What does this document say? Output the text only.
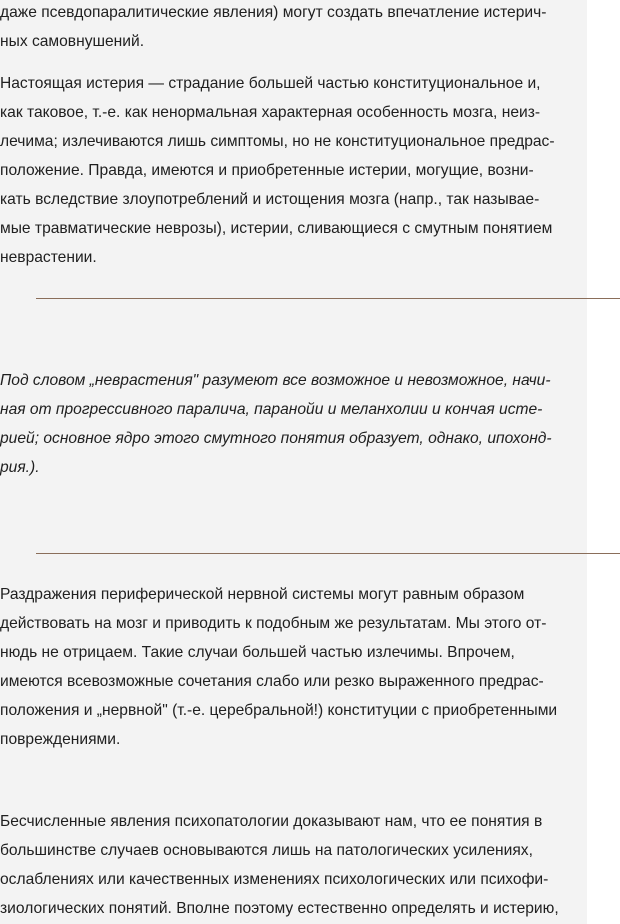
даже псевдопаралитические явления) могут создать впечатление истерич-
ных самовнушений.
Настоящая истерия — страдание большей частью конституциональное и,
как таковое, т.-е. как ненормальная характерная особенность мозга, неиз-
лечима; излечиваются лишь симптомы, но не конституциональное предрас-
положение. Правда, имеются и приобретенные истерии, могущие, возни-
кать вследствие злоупотреблений и истощения мозга (напр., так называе-
мые травматические неврозы), истерии, сливающиеся с смутным понятием
неврастении.
Под словом „неврастения" разумеют все возможное и невозможное, начи-
ная от прогрессивного паралича, паранойи и меланхолии и кончая исте-
рией; основное ядро этого смутного понятия образует, однако, ипохонд-
рия.).
Раздражения периферической нервной системы могут равным образом
действовать на мозг и приводить к подобным же результатам. Мы этого от-
нюдь не отрицаем. Такие случаи большей частью излечимы. Впрочем,
имеются всевозможные сочетания слабо или резко выраженного предрас-
положения и „нервной" (т.-е. церебральной!) конституции с приобретенными
повреждениями.
Бесчисленные явления психопатологии доказывают нам, что ее понятия в
большинстве случаев основываются лишь на патологических усилениях,
ослаблениях или качественных изменениях психологических или психофи-
зиологических понятий. Вполне поэтому естественно определять и истерию,
